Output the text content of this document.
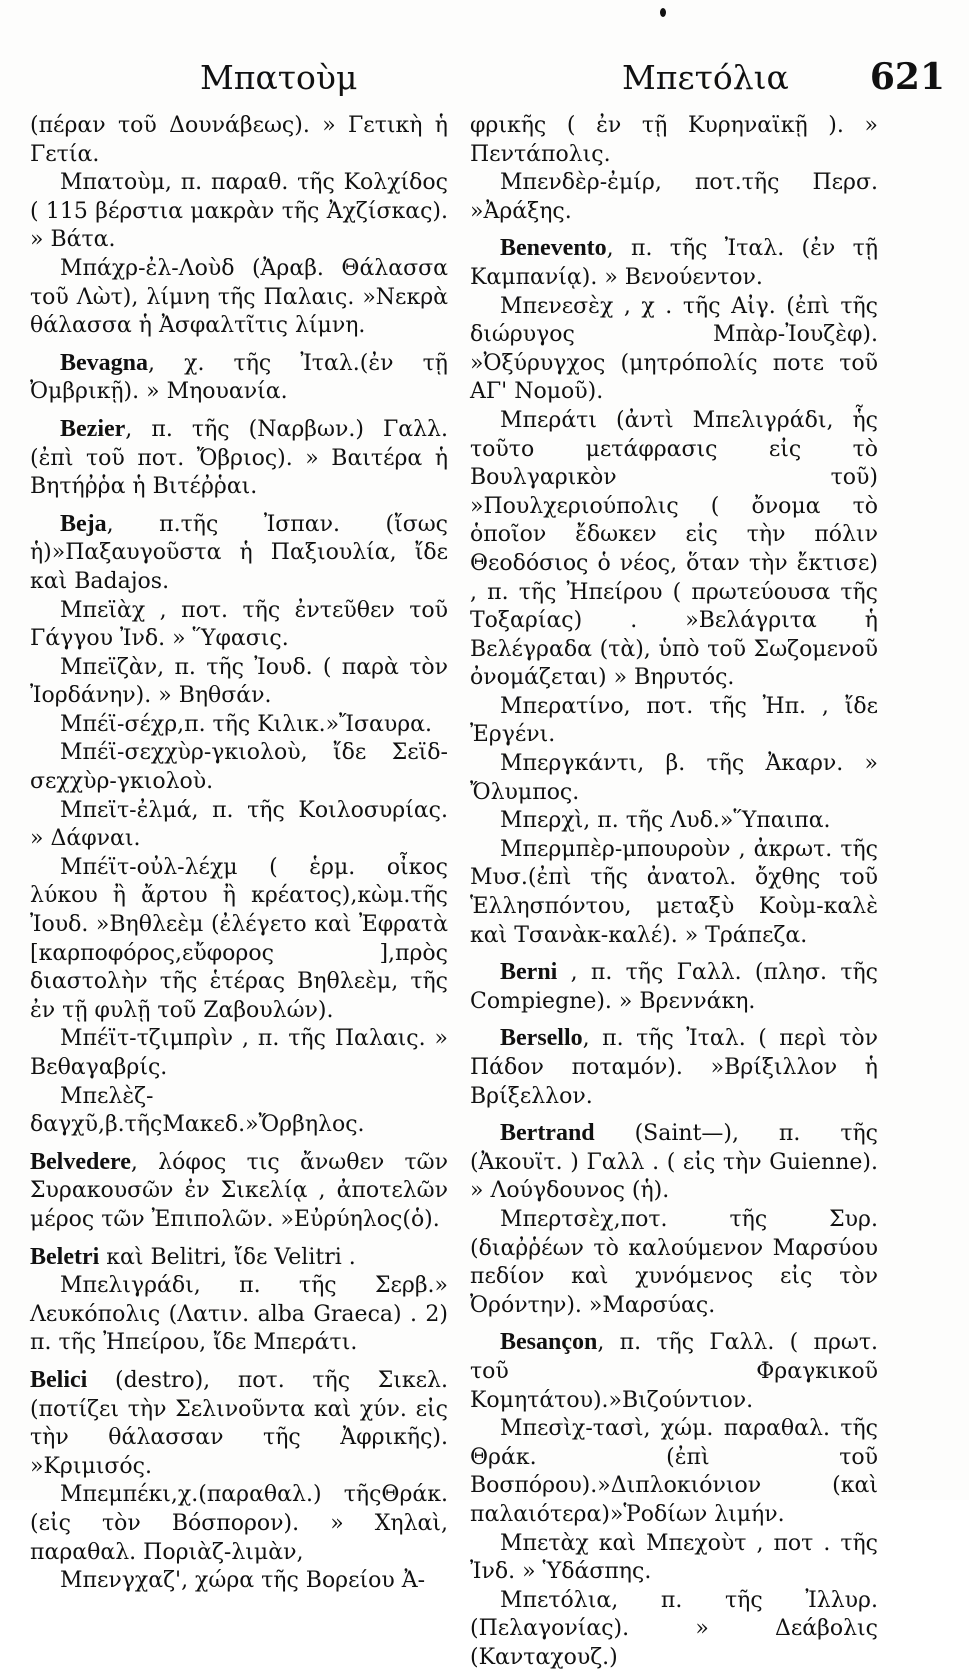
Μπατοὺμ	Μπετόλια 621

(πέραν τοῦ Δουνάβεως). » Γετικὴ ἡ Γετία.

Μπατοὺμ, π. παραθ. τῆς Κολχίδος ( 115 βέρστια μακρὰν τῆς Ἀχζίσκας). » Βάτα.

Μπάχρ-ἐλ-Λοὺδ (Ἀραβ. Θάλασσα τοῦ Λὼτ), λίμνη τῆς Παλαις. »Νεκρὰ θάλασσα ἡ Ἀσφαλτῖτις λίμνη.

Bevagna, χ. τῆς Ἰταλ.(ἐν τῇ Ὀμβρικῇ). » Μηουανία.

Bezier, π. τῆς (Ναρβων.) Γαλλ. (ἐπὶ τοῦ ποτ. Ὄβριος). » Βαιτέρα ἡ Βητήῤῥα ἡ Βιτέῤῥαι.

Beja, π.τῆς Ἰσπαν. (ἴσως ἡ)»Παξαυγοῦστα ἡ Παξιουλία, ἴδε καὶ Badajos.

Μπεϊὰχ , ποτ. τῆς ἐντεῦθεν τοῦ Γάγγου Ἰνδ. » Ὕφασις.

Μπεϊζὰν, π. τῆς Ἰουδ. ( παρὰ τὸν Ἰορδάνην). » Βηθσάν.

Μπέϊ-σέχρ,π. τῆς Κιλικ.»Ἴσαυρα.

Μπέϊ-σεχχὺρ-γκιολοὺ, ἴδε Σεϊδ-σεχχὺρ-γκιολοὺ.

Μπεϊτ-ἐλμά, π. τῆς Κοιλοσυρίας. » Δάφναι.

Μπέϊτ-οὐλ-λέχμ ( ἑρμ. οἶκος λύκου ἢ ἄρτου ἢ κρέατος),κὼμ.τῆς Ἰουδ. »Βηθλεὲμ (ἐλέγετο καὶ Ἐφρατὰ [καρποφόρος,εὔφορος ],πρὸς διαστολὴν τῆς ἑτέρας Βηθλεὲμ, τῆς ἐν τῇ φυλῇ τοῦ Ζαβουλών).

Μπέϊτ-τζιμπρὶν , π. τῆς Παλαις. » Βεθαγαβρίς.

Μπελὲζ-δαγχῦ,β.τῆςΜακεδ.»Ὄρβηλος.

Belvedere, λόφος τις ἄνωθεν τῶν Συρακουσῶν ἐν Σικελίᾳ , ἀποτελῶν μέρος τῶν Ἐπιπολῶν. »Εὐρύηλος(ὁ).

Beletri καὶ Belitri, ἴδε Velitri .

Μπελιγράδι, π. τῆς Σερβ.» Λευκόπολις (Λατιν. alba Graeca) . 2) π. τῆς Ἠπείρου, ἴδε Μπεράτι.

Belici (destro), ποτ. τῆς Σικελ. (ποτίζει τὴν Σελινοῦντα καὶ χύν. εἰς τὴν θάλασσαν τῆς Ἀφρικῆς). »Κριμισός.

Μπεμπέκι,χ.(παραθαλ.) τῆςΘράκ. (εἰς τὸν Βόσπορον). » Χηλαὶ, παραθαλ. Ποριὰζ-λιμὰν,

Μπενγχαζ', χώρα τῆς Βορείου Ἀ-

φρικῆς ( ἐν τῇ Κυρηναϊκῇ ). » Πεντάπολις.

Μπενδὲρ-ἐμίρ, ποτ.τῆς Περσ. »Ἀράξης.

Benevento, π. τῆς Ἰταλ. (ἐν τῇ Καμπανίᾳ). » Βενούεντον.

Μπενεσὲχ , χ . τῆς Αἰγ. (ἐπὶ τῆς διώρυγος Μπὰρ-Ἰουζὲφ). »Ὀξύρυγχος (μητρόπολίς ποτε τοῦ ΑΓ' Νομοῦ).

Μπεράτι (ἀντὶ Μπελιγράδι, ἧς τοῦτο μετάφρασις εἰς τὸ Βουλγαρικὸν τοῦ) »Πουλχεριούπολις ( ὄνομα τὸ ὁποῖον ἔδωκεν εἰς τὴν πόλιν Θεοδόσιος ὁ νέος, ὅταν τὴν ἔκτισε) , π. τῆς Ἠπείρου ( πρωτεύουσα τῆς Τοξαρίας) . »Βελάγριτα ἡ Βελέγραδα (τὰ), ὑπὸ τοῦ Σωζομενοῦ ὀνομάζεται) » Βηρυτός.

Μπερατίνο, ποτ. τῆς Ἠπ. , ἴδε Ἐργένι.

Μπεργκάντι, β. τῆς Ἀκαρν. » Ὄλυμπος.

Μπερχὶ, π. τῆς Λυδ.»Ὕπαιπα.

Μπερμπὲρ-μπουροὺν , ἀκρωτ. τῆς Μυσ.(ἐπὶ τῆς ἀνατολ. ὄχθης τοῦ Ἑλλησπόντου, μεταξὺ Κοὺμ-καλὲ καὶ Τσανὰκ-καλέ). » Τράπεζα.

Berni , π. τῆς Γαλλ. (πλησ. τῆς Compiegne). » Βρεννάκη.

Bersello, π. τῆς Ἰταλ. ( περὶ τὸν Πάδον ποταμόν). »Βρίξιλλον ἡ Βρίξελλον.

Bertrand (Saint—), π. τῆς (Ἀκουϊτ. ) Γαλλ . ( εἰς τὴν Guienne). » Λούγδουνος (ἡ).

Μπερτσὲχ,ποτ. τῆς Συρ. (διαῤῥέων τὸ καλούμενον Μαρσύου πεδίον καὶ χυνόμενος εἰς τὸν Ὀρόντην). »Μαρσύας.

Besançon, π. τῆς Γαλλ. ( πρωτ. τοῦ Φραγκικοῦ Κομητάτου).»Βιζούντιον.

Μπεσὶχ-τασὶ, χώμ. παραθαλ. τῆς Θράκ. (ἐπὶ τοῦ Βοσπόρου).»Διπλοκιόνιον (καὶ παλαιότερα)»Ῥοδίων λιμήν.

Μπετὰχ καὶ Μπεχοὺτ , ποτ . τῆς Ἰνδ. » Ὑδάσπης.

Μπετόλια, π. τῆς Ἰλλυρ.(Πελαγονίας). » Δεάβολις (Κανταχουζ.)
